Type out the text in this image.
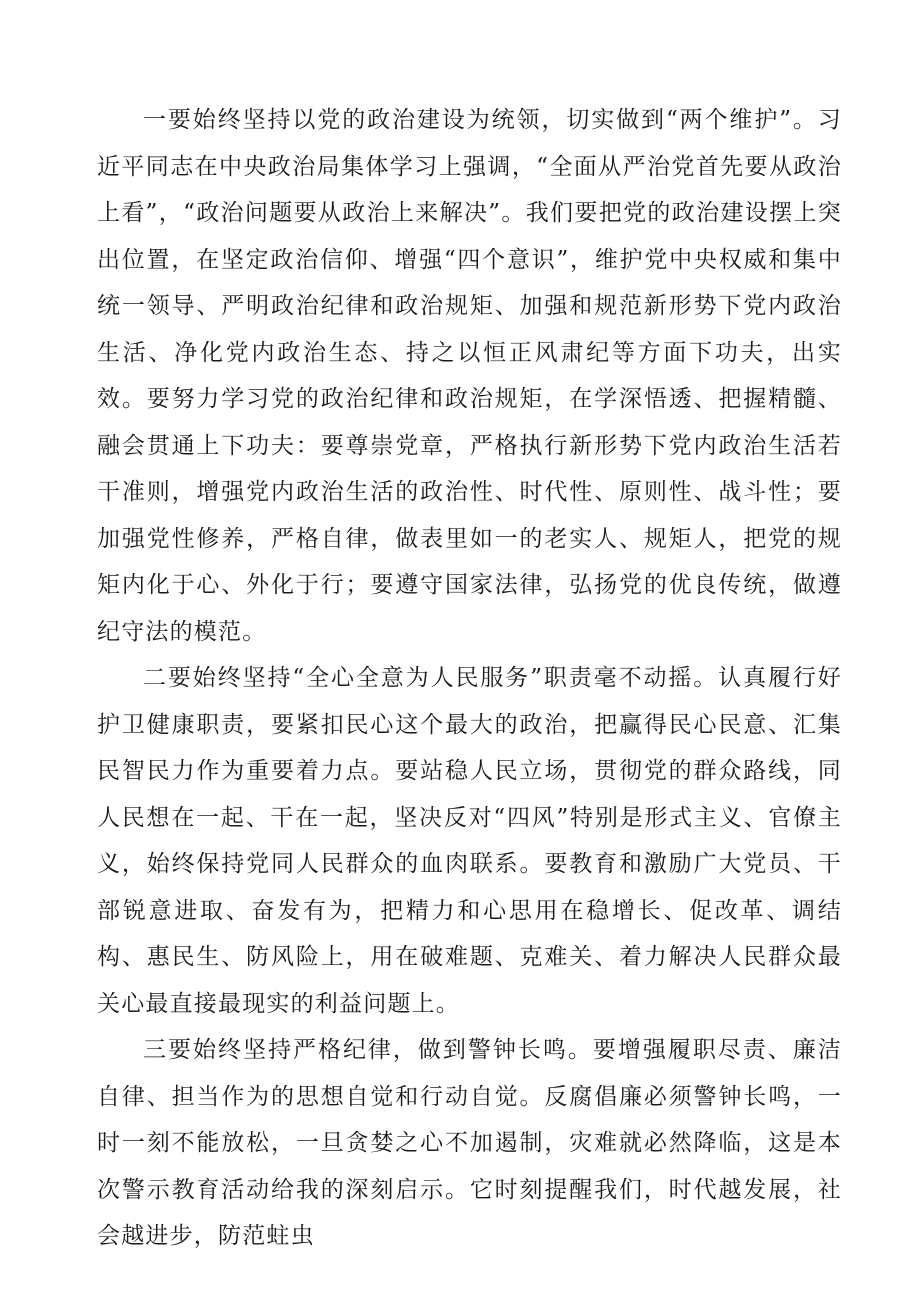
一要始终坚持以党的政治建设为统领，切实做到“两个维护”。习近平同志在中央政治局集体学习上强调，“全面从严治党首先要从政治上看”，“政治问题要从政治上来解决”。我们要把党的政治建设摆上突出位置，在坚定政治信仰、增强“四个意识”，维护党中央权威和集中统一领导、严明政治纪律和政治规矩、加强和规范新形势下党内政治生活、净化党内政治生态、持之以恒正风肃纪等方面下功夫，出实效。要努力学习党的政治纪律和政治规矩，在学深悟透、把握精髓、融会贯通上下功夫：要尊崇党章，严格执行新形势下党内政治生活若干准则，增强党内政治生活的政治性、时代性、原则性、战斗性；要加强党性修养，严格自律，做表里如一的老实人、规矩人，把党的规矩内化于心、外化于行；要遵守国家法律，弘扬党的优良传统，做遵纪守法的模范。

二要始终坚持“全心全意为人民服务”职责毫不动摇。认真履行好护卫健康职责，要紧扣民心这个最大的政治，把赢得民心民意、汇集民智民力作为重要着力点。要站稳人民立场，贯彻党的群众路线，同人民想在一起、干在一起，坚决反对“四风”特别是形式主义、官僚主义，始终保持党同人民群众的血肉联系。要教育和激励广大党员、干部锐意进取、奋发有为，把精力和心思用在稳增长、促改革、调结构、惠民生、防风险上，用在破难题、克难关、着力解决人民群众最关心最直接最现实的利益问题上。

三要始终坚持严格纪律，做到警钟长鸣。要增强履职尽责、廉洁自律、担当作为的思想自觉和行动自觉。反腐倡廉必须警钟长鸣，一时一刻不能放松，一旦贪婪之心不加遏制，灾难就必然降临，这是本次警示教育活动给我的深刻启示。它时刻提醒我们，时代越发展，社会越进步，防范蛀虫
